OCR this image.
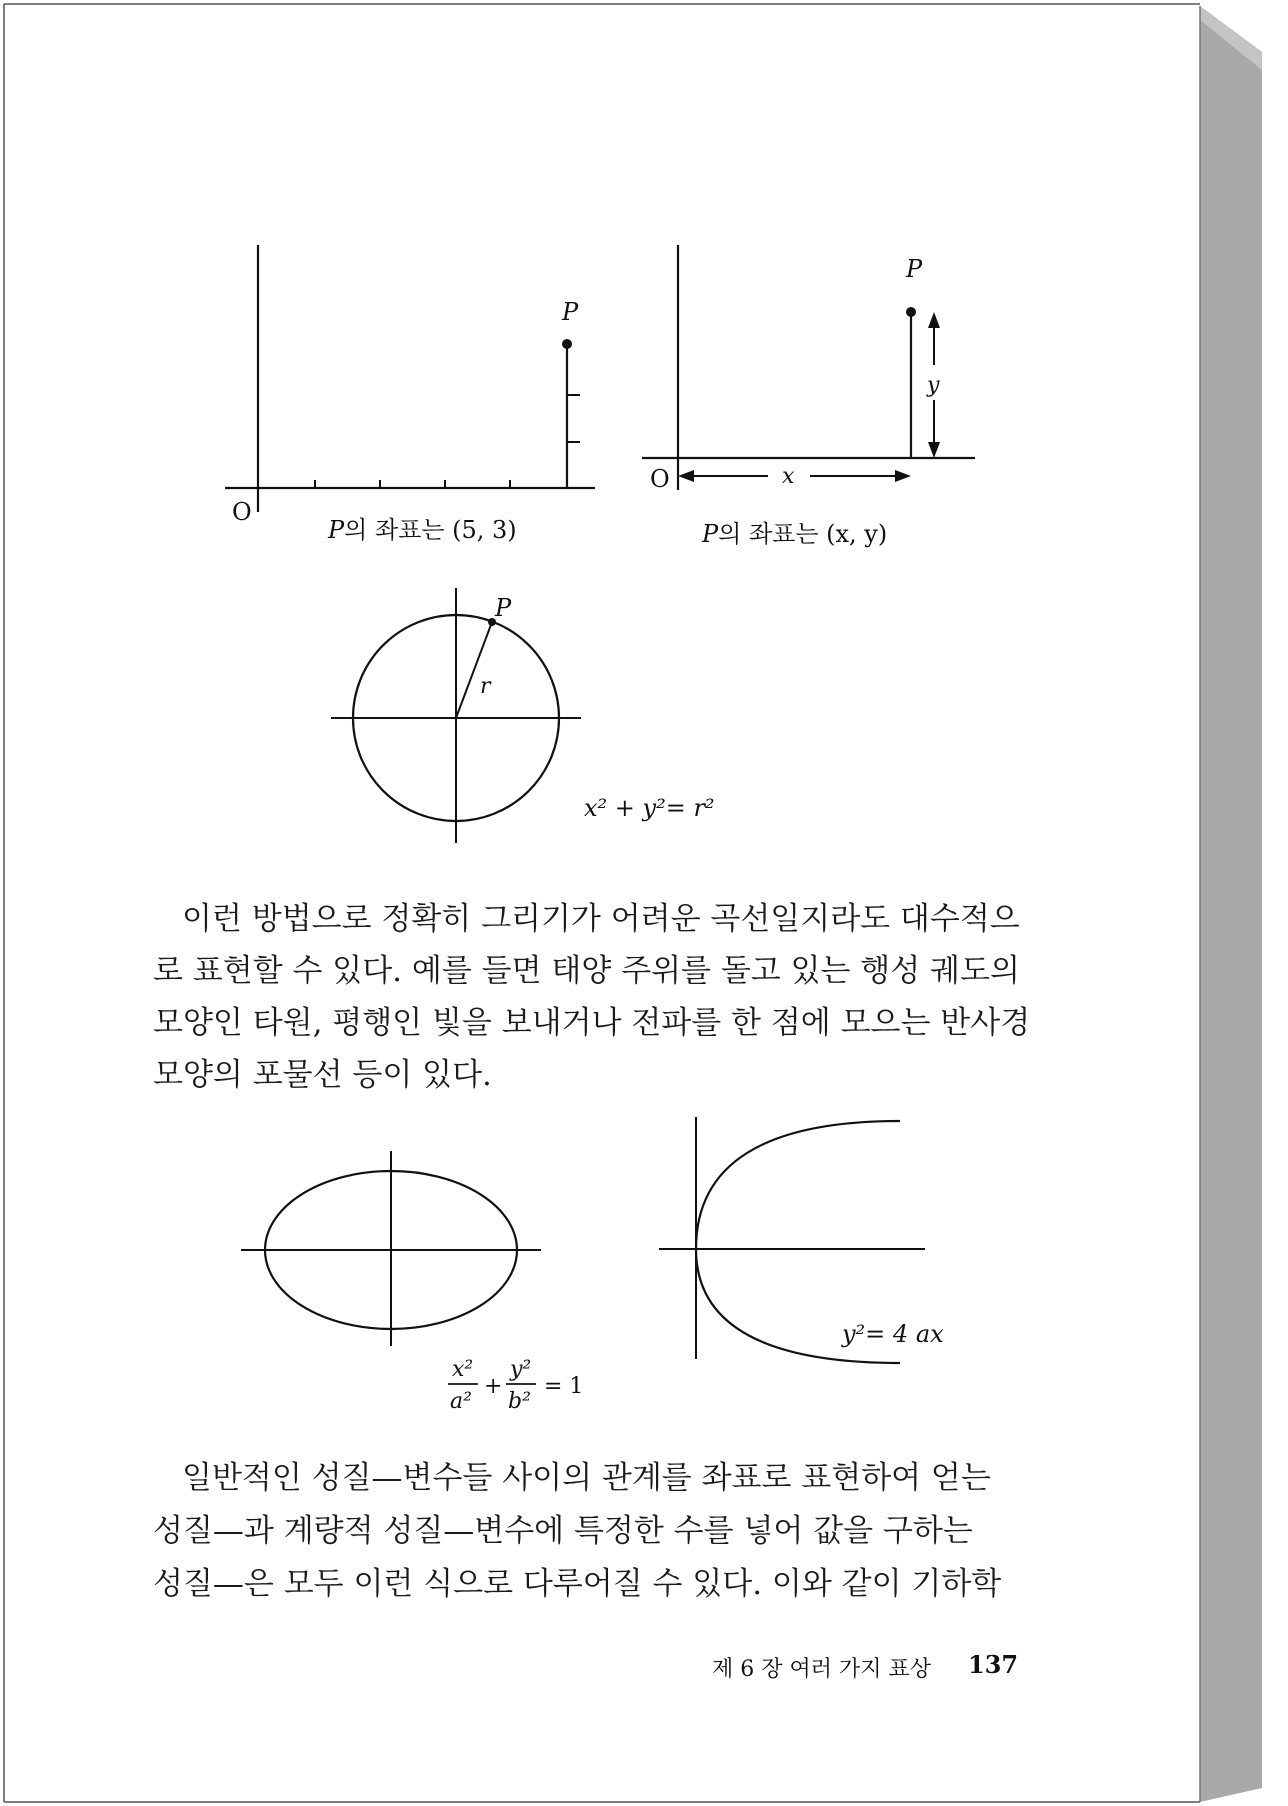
P
O
P의 좌표는 (5, 3)
P
y
x
O
P의 좌표는 (x, y)
P
r
x² + y²= r²
이런 방법으로 정확히 그리기가 어려운 곡선일지라도 대수적으
로 표현할 수 있다. 예를 들면 태양 주위를 돌고 있는 행성 궤도의
모양인 타원, 평행인 빛을 보내거나 전파를 한 점에 모으는 반사경
모양의 포물선 등이 있다.
x²
a²
+
y²
b²
= 1
y²= 4 ax
일반적인 성질—변수들 사이의 관계를 좌표로 표현하여 얻는
성질—과 계량적 성질—변수에 특정한 수를 넣어 값을 구하는
성질—은 모두 이런 식으로 다루어질 수 있다. 이와 같이 기하학
제 6 장 여러 가지 표상 137
